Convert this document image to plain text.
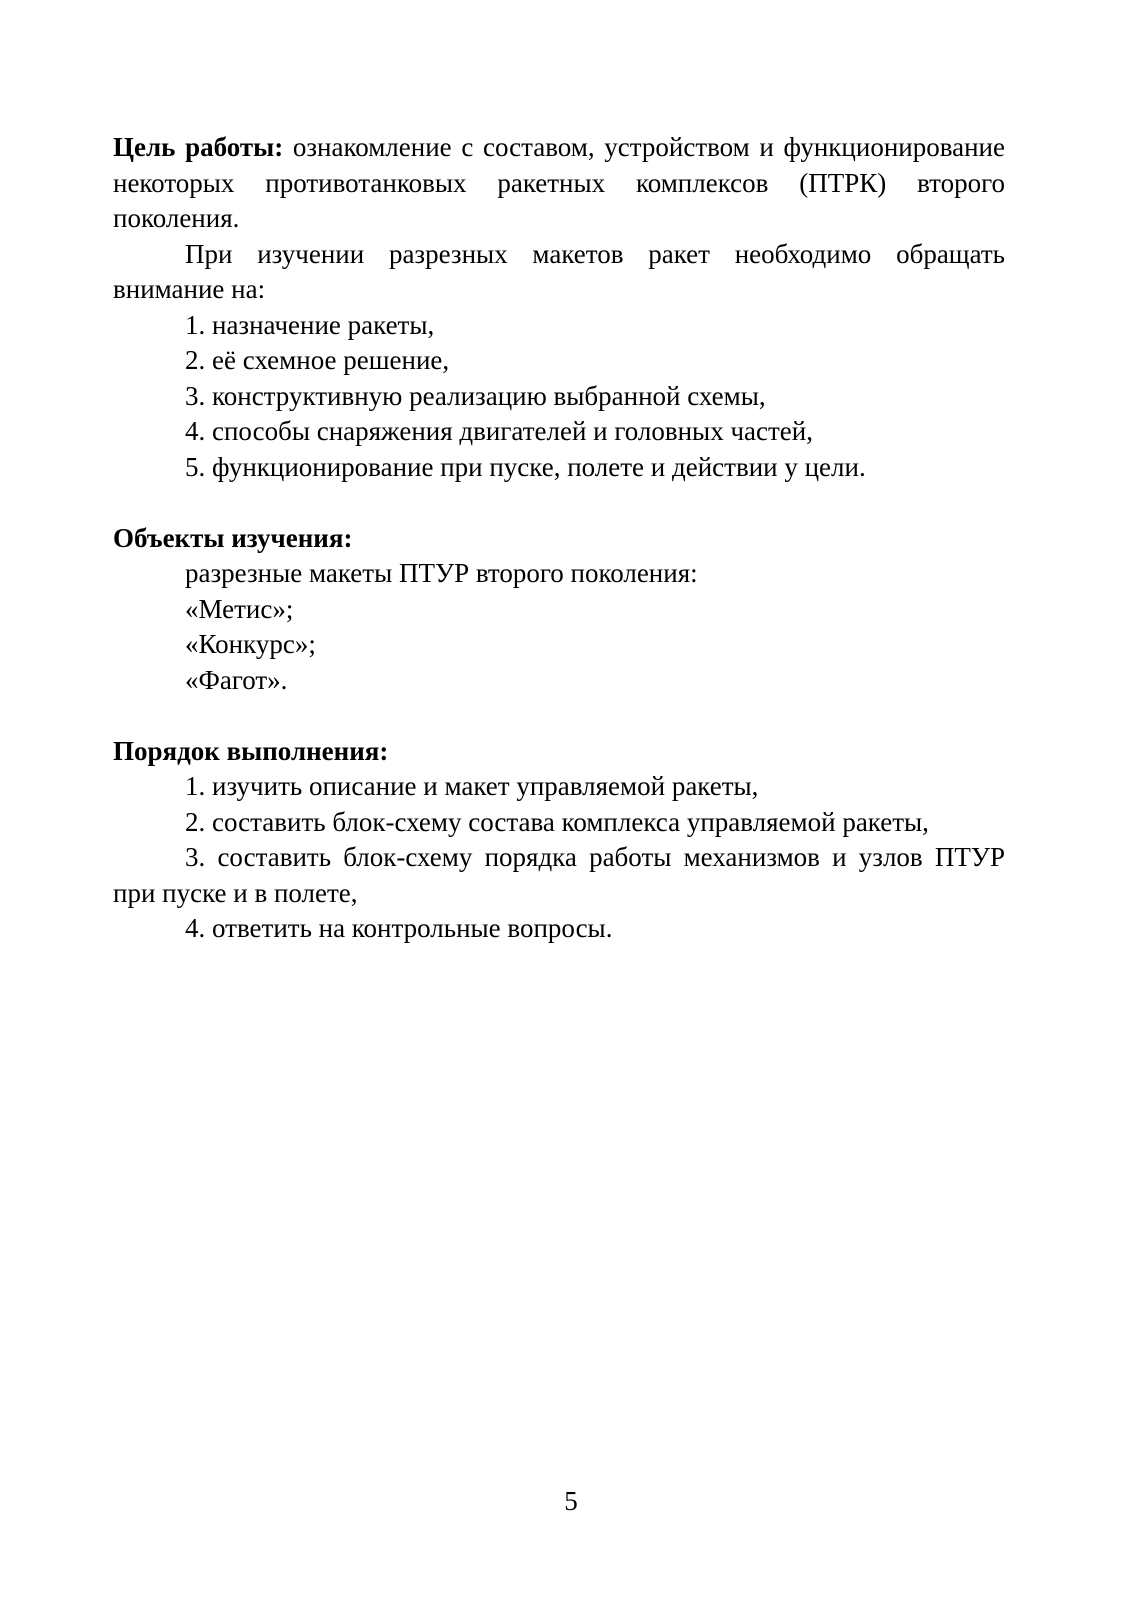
Цель работы: ознакомление с составом, устройством и функционирование некоторых противотанковых ракетных комплексов (ПТРК) второго поколения.

При изучении разрезных макетов ракет необходимо обращать внимание на:

1. назначение ракеты,

2. её схемное решение,

3. конструктивную реализацию выбранной схемы,

4. способы снаряжения двигателей и головных частей,

5. функционирование при пуске, полете и действии у цели.

Объекты изучения:

разрезные макеты ПТУР второго поколения:

«Метис»;

«Конкурс»;

«Фагот».

Порядок выполнения:

1. изучить описание и макет управляемой ракеты,

2. составить блок-схему состава комплекса управляемой ракеты,

3. составить блок-схему порядка работы механизмов и узлов ПТУР при пуске и в полете,

4. ответить на контрольные вопросы.

5
